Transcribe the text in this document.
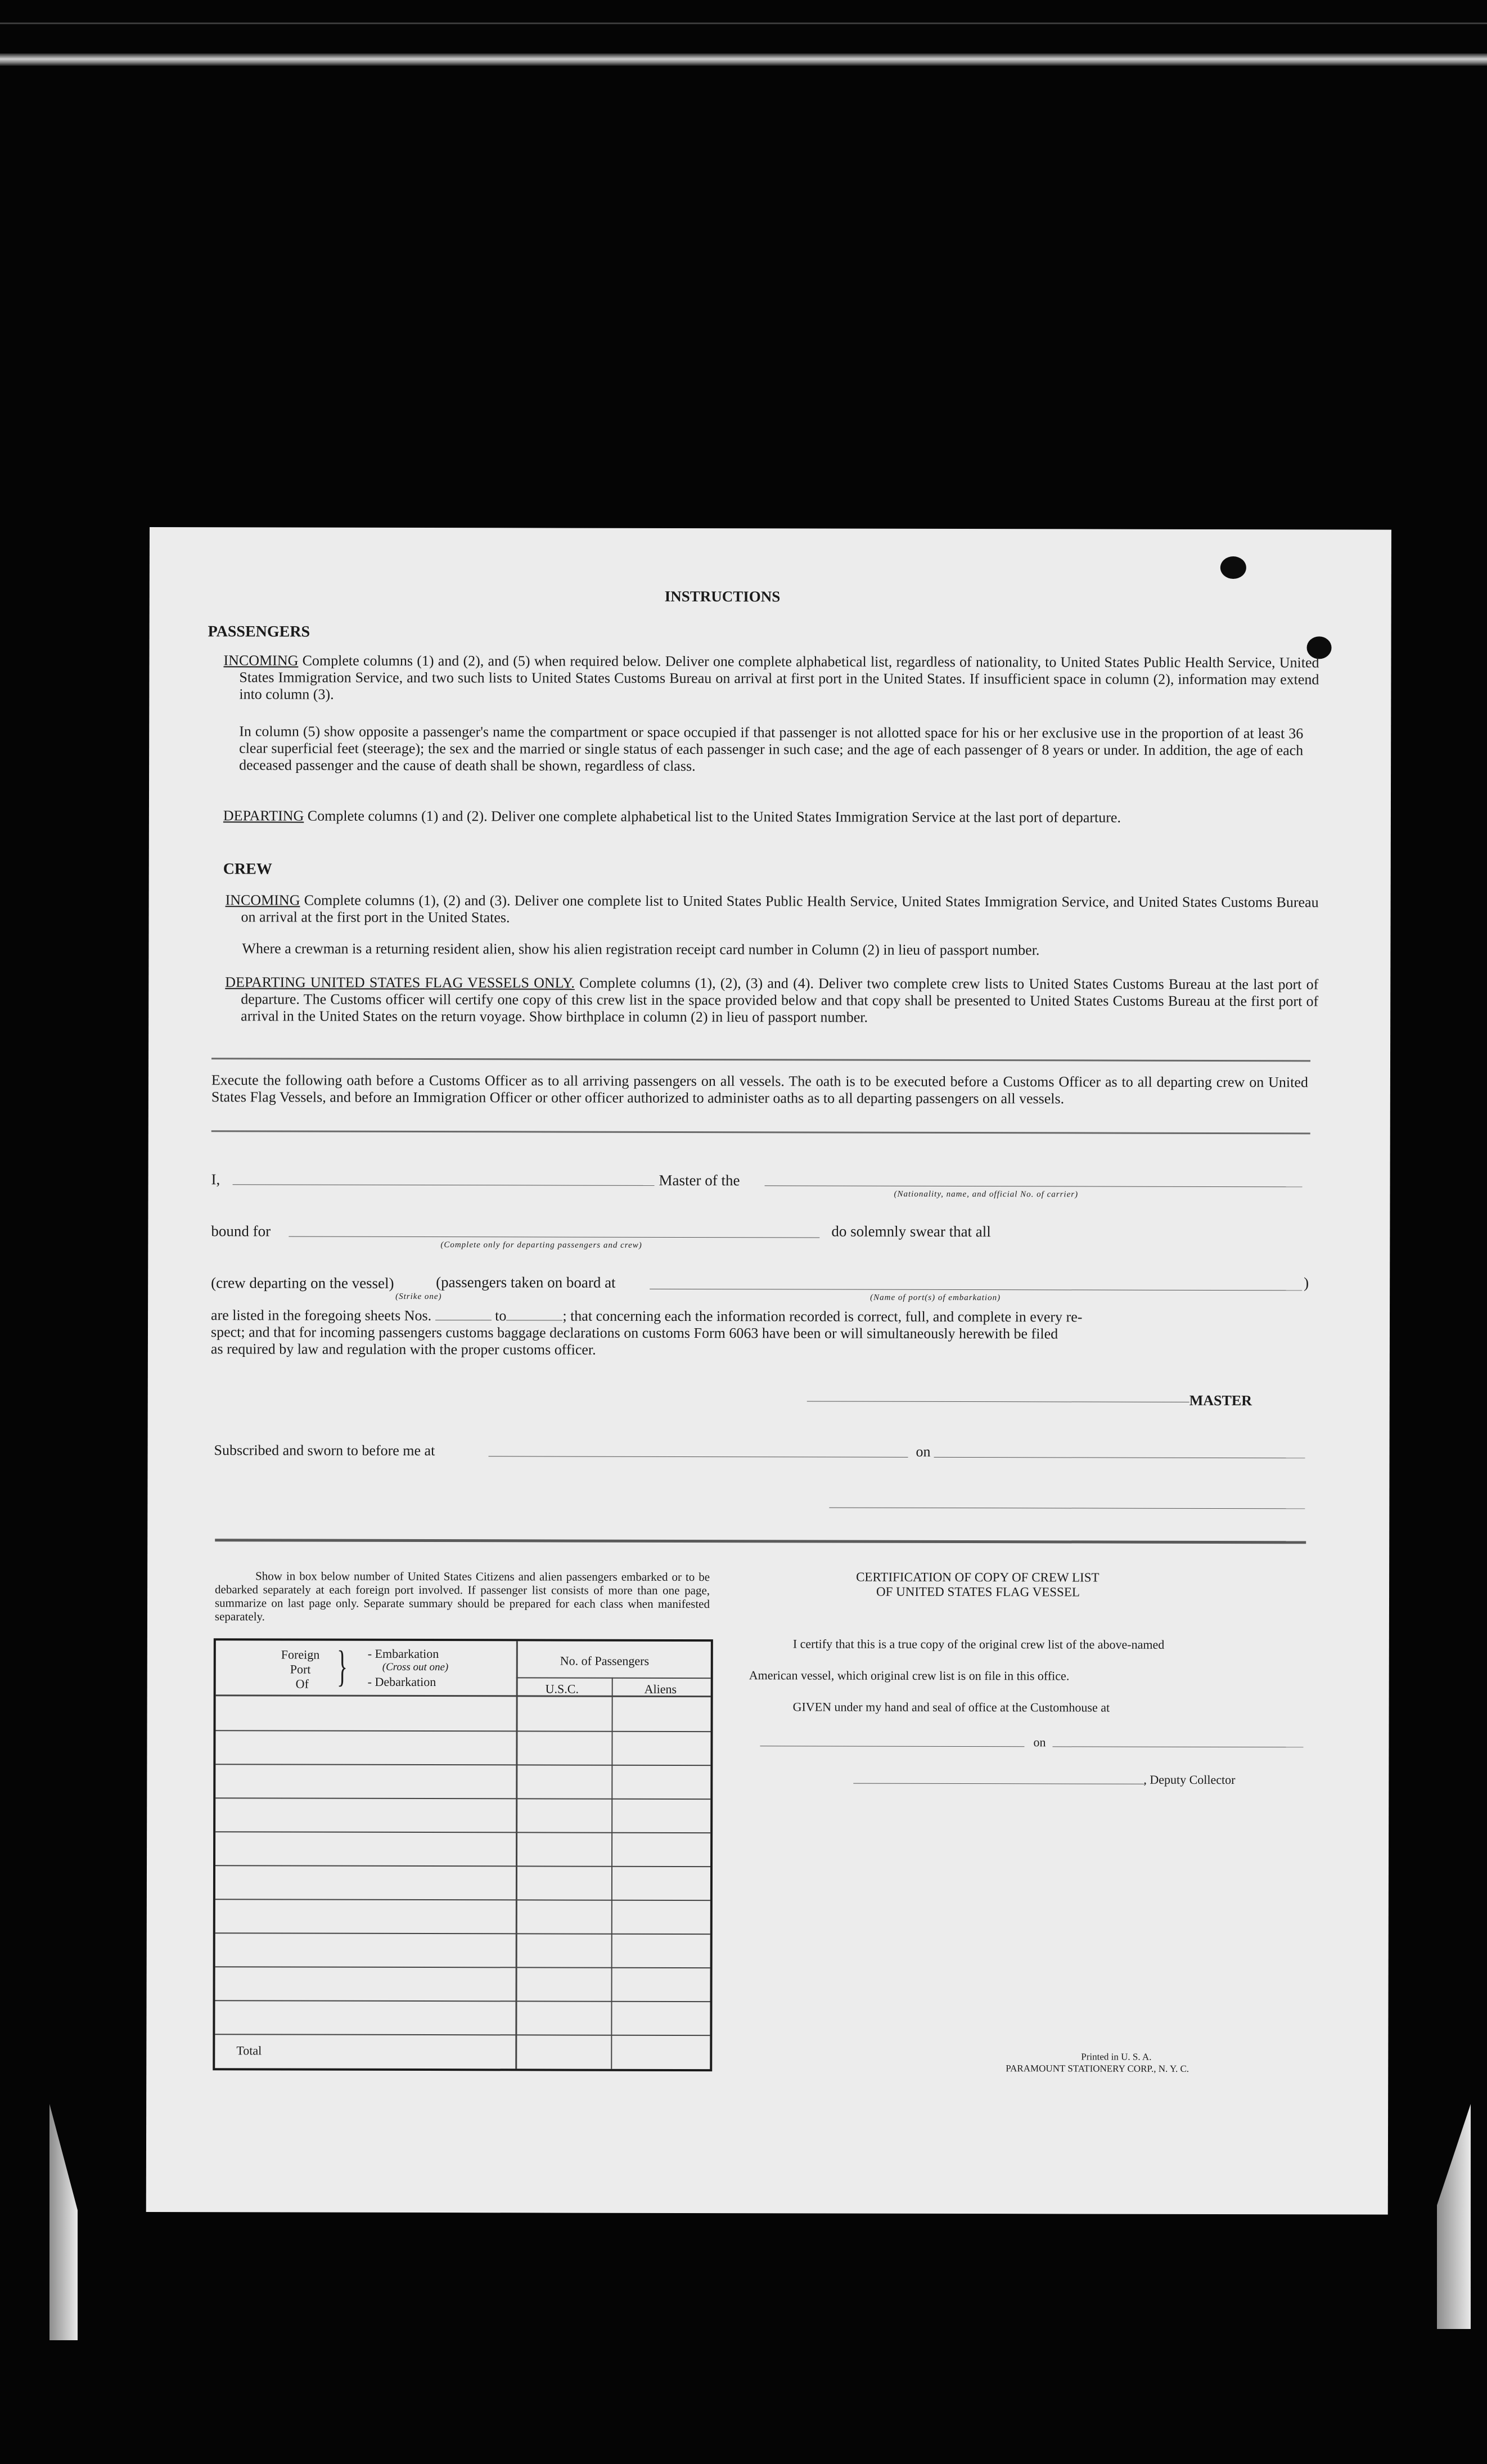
INSTRUCTIONS
PASSENGERS
INCOMING Complete columns (1) and (2), and (5) when required below. Deliver one complete alphabetical list, regardless of nationality, to United States Public Health Service, United States Immigration Service, and two such lists to United States Customs Bureau on arrival at first port in the United States. If insufficient space in column (2), information may extend into column (3).
In column (5) show opposite a passenger's name the compartment or space occupied if that passenger is not allotted space for his or her exclusive use in the proportion of at least 36 clear superficial feet (steerage); the sex and the married or single status of each passenger in such case; and the age of each passenger of 8 years or under. In addition, the age of each deceased passenger and the cause of death shall be shown, regardless of class.
DEPARTING Complete columns (1) and (2). Deliver one complete alphabetical list to the United States Immigration Service at the last port of departure.
CREW
INCOMING Complete columns (1), (2) and (3). Deliver one complete list to United States Public Health Service, United States Immigration Service, and United States Customs Bureau on arrival at the first port in the United States.
Where a crewman is a returning resident alien, show his alien registration receipt card number in Column (2) in lieu of passport number.
DEPARTING UNITED STATES FLAG VESSELS ONLY. Complete columns (1), (2), (3) and (4). Deliver two complete crew lists to United States Customs Bureau at the last port of departure. The Customs officer will certify one copy of this crew list in the space provided below and that copy shall be presented to United States Customs Bureau at the first port of arrival in the United States on the return voyage. Show birthplace in column (2) in lieu of passport number.
Execute the following oath before a Customs Officer as to all arriving passengers on all vessels. The oath is to be executed before a Customs Officer as to all departing crew on United States Flag Vessels, and before an Immigration Officer or other officer authorized to administer oaths as to all departing passengers on all vessels.
I,	Master of the
(Nationality, name, and official No. of carrier)
bound for
(Complete only for departing passengers and crew)
do solemnly swear that all
(crew departing on the vessel)	(passengers taken on board at
(Strike one)
)
(Name of port(s) of embarkation)
are listed in the foregoing sheets Nos.	to	; that concerning each the information recorded is correct, full, and complete in every re-
spect; and that for incoming passengers customs baggage declarations on customs Form 6063 have been or will simultaneously herewith be filed
as required by law and regulation with the proper customs officer.
MASTER
Subscribed and sworn to before me at	on
Show in box below number of United States Citizens and alien passengers embarked or to be debarked separately at each foreign port involved. If passenger list consists of more than one page, summarize on last page only. Separate summary should be prepared for each class when manifested separately.
Foreign
Port
Of } - Embarkation
(Cross out one)
- Debarkation
No. of Passengers
U.S.C.	Aliens
Total
CERTIFICATION OF COPY OF CREW LIST
OF UNITED STATES FLAG VESSEL
I certify that this is a true copy of the original crew list of the above-named
American vessel, which original crew list is on file in this office.
GIVEN under my hand and seal of office at the Customhouse at
on
, Deputy Collector
Printed in U. S. A.
PARAMOUNT STATIONERY CORP., N. Y. C.
